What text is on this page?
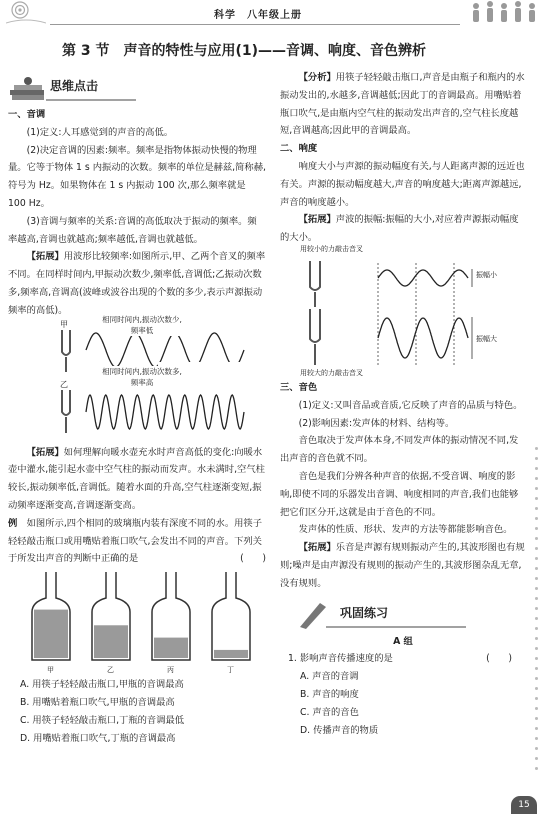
科学　八年级上册
第 3 节　声音的特性与应用(1)——音调、响度、音色辨析
思维点击

一、音调

(1)定义:人耳感觉到的声音的高低。

(2)决定音调的因素:频率。频率是指物体振动快慢的物理量。它等于物体 1 s 内振动的次数。频率的单位是赫兹,简称赫,符号为 Hz。如果物体在 1 s 内振动 100 次,那么频率就是 100 Hz。

(3)音调与频率的关系:音调的高低取决于振动的频率。频率越高,音调也就越高;频率越低,音调也就越低。

【拓展】用波形比较频率:如图所示,甲、乙两个音叉的频率不同。在同样时间内,甲振动次数少,频率低,音调低;乙振动次数多,频率高,音调高(波峰或波谷出现的个数的多少,表示声源振动频率的高低)。

甲
乙
相同时间内,振动次数少,频率低
相同时间内,振动次数多,频率高

【拓展】如何理解向暖水壶充水时声音高低的变化:向暖水壶中灌水,能引起水壶中空气柱的振动而发声。水未满时,空气柱较长,振动频率低,音调低。随着水面的升高,空气柱逐渐变短,振动频率逐渐变高,音调逐渐变高。

例　 如图所示,四个相同的玻璃瓶内装有深度不同的水。用筷子轻轻敲击瓶口或用嘴贴着瓶口吹气,会发出不同的声音。下列关于所发出声音的判断中正确的是	(　　)

甲	乙	丙	丁

A. 用筷子轻轻敲击瓶口,甲瓶的音调最高

B. 用嘴贴着瓶口吹气,甲瓶的音调最高

C. 用筷子轻轻敲击瓶口,丁瓶的音调最低

D. 用嘴贴着瓶口吹气,丁瓶的音调最高

【分析】用筷子轻轻敲击瓶口,声音是由瓶子和瓶内的水振动发出的,水越多,音调越低;因此丁的音调最高。用嘴贴着瓶口吹气,是由瓶内空气柱的振动发出声音的,空气柱长度越短,音调越高;因此甲的音调最高。

二、响度

响度大小与声源的振动幅度有关,与人距离声源的远近也有关。声源的振动幅度越大,声音的响度越大;距离声源越远,声音的响度越小。

【拓展】声波的振幅:振幅的大小,对应着声源振动幅度的大小。

用较小的力敲击音叉
用较大的力敲击音叉
振幅小
振幅大

三、音色

(1)定义:又叫音品或音质,它反映了声音的品质与特色。

(2)影响因素:发声体的材料、结构等。

音色取决于发声体本身,不同发声体的振动情况不同,发出声音的音色就不同。

音色是我们分辨各种声音的依据,不受音调、响度的影响,即使不同的乐器发出音调、响度相同的声音,我们也能够把它们区分开,这就是由于音色的不同。

发声体的性质、形状、发声的方法等都能影响音色。

【拓展】乐音是声源有规则振动产生的,其波形图也有规则;噪声是由声源没有规则的振动产生的,其波形图杂乱无章,没有规则。

巩固练习

A 组

1. 影响声音传播速度的是	(　　)

A. 声音的音调

B. 声音的响度

C. 声音的音色

D. 传播声音的物质

15
